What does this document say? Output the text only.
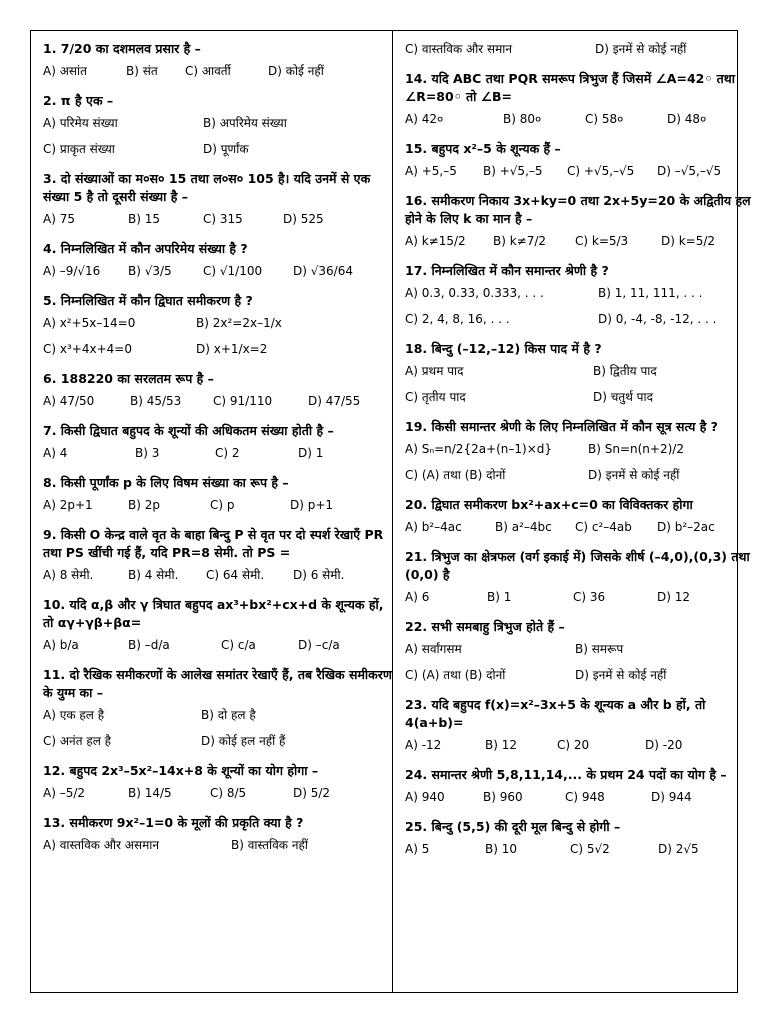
1. 7/20 का दशमलव प्रसार है –
A) असांत	B) संत C) आवर्ती	D) कोई नहीं
2. π है एक –
A) परिमेय संख्या	B) अपरिमेय संख्या
C) प्राकृत संख्या	D) पूर्णांक
3. दो संख्याओं का म०स० 15 तथा ल०स० 105 है। यदि उनमें से एक संख्या 5 है तो दूसरी संख्या है –
A) 75	B) 15	C) 315	D) 525
4. निम्नलिखित में कौन अपरिमेय संख्या है ?
A) –9/√16 B) √3/5	C) √1/100	D) √36/64
5. निम्नलिखित में कौन द्विघात समीकरण है ?
A) x²+5x–14=0	B) 2x²=2x–1/x
C) x³+4x+4=0	D) x+1/x=2
6. 188220 का सरलतम रूप है –
A) 47/50	B) 45/53	C) 91/110	D) 47/55
7. किसी द्विघात बहुपद के शून्यों की अधिकतम संख्या होती है –
A) 4	B) 3	C) 2	D) 1
8. किसी पूर्णांक p के लिए विषम संख्या का रूप है –
A) 2p+1	B) 2p	C) p	D) p+1
9. किसी O केन्द्र वाले वृत के बाहा बिन्दु P से वृत पर दो स्पर्श रेखाएँ PR तथा PS खींची गई हैं, यदि PR=8 सेमी. तो PS =
A) 8 सेमी.	B) 4 सेमी. C) 64 सेमी. D) 6 सेमी.
10. यदि α,β और γ त्रिघात बहुपद ax³+bx²+cx+d के शून्यक हों, तो αγ+γβ+βα=
A) b/a	B) –d/a	C) c/a	D) –c/a
11. दो रैखिक समीकरणों के आलेख समांतर रेखाएँ हैं, तब रैखिक समीकरण के युग्म का –
A) एक हल है	B) दो हल है
C) अनंत हल है	D) कोई हल नहीं हैं
12. बहुपद 2x³–5x²–14x+8 के शून्यों का योग होगा –
A) –5/2	B) 14/5	C) 8/5	D) 5/2
13. समीकरण 9x²–1=0 के मूलों की प्रकृति क्या है ?
A) वास्तविक और असमान	B) वास्तविक नहीं
C) वास्तविक और समान	D) इनमें से कोई नहीं
14. यदि ABC तथा PQR समरूप त्रिभुज हैं जिसमें ∠A=42◦ तथा ∠R=80◦ तो ∠B=
A) 42०	B) 80०	C) 58०	D) 48०
15. बहुपद x²–5 के शून्यक हैं –
A) +5,–5 B) +√5,–5 C) +√5,–√5 D) –√5,–√5
16. समीकरण निकाय 3x+ky=0 तथा 2x+5y=20 के अद्वितीय हल होने के लिए k का मान है –
A) k≠15/2 B) k≠7/2 C) k=5/3	D) k=5/2
17. निम्नलिखित में कौन समान्तर श्रेणी है ?
A) 0.3, 0.33, 0.333, . . .	B) 1, 11, 111, . . .
C) 2, 4, 8, 16, . . .	D) 0, -4, -8, -12, . . .
18. बिन्दु (–12,–12) किस पाद में है ?
A) प्रथम पाद	B) द्वितीय पाद
C) तृतीय पाद	D) चतुर्थ पाद
19. किसी समान्तर श्रेणी के लिए निम्नलिखित में कौन सूत्र सत्य है ?
A) Sₙ=n/2{2a+(n–1)×d}	B) Sn=n(n+2)/2
C) (A) तथा (B) दोनों	D) इनमें से कोई नहीं
20. द्विघात समीकरण bx²+ax+c=0 का विविक्तकर होगा
A) b²–4ac	B) a²–4bc C) c²–4ab D) b²–2ac
21. त्रिभुज का क्षेत्रफल (वर्ग इकाई में) जिसके शीर्ष (–4,0),(0,3) तथा (0,0) है
A) 6	B) 1	C) 36	D) 12
22. सभी समबाहु त्रिभुज होते हैं –
A) सर्वांगसम	B) समरूप
C) (A) तथा (B) दोनों	D) इनमें से कोई नहीं
23. यदि बहुपद f(x)=x²–3x+5 के शून्यक a और b हों, तो 4(a+b)=
A) -12	B) 12	C) 20	D) -20
24. समान्तर श्रेणी 5,8,11,14,... के प्रथम 24 पदों का योग है –
A) 940	B) 960	C) 948	D) 944
25. बिन्दु (5,5) की दूरी मूल बिन्दु से होगी –
A) 5	B) 10	C) 5√2	D) 2√5
